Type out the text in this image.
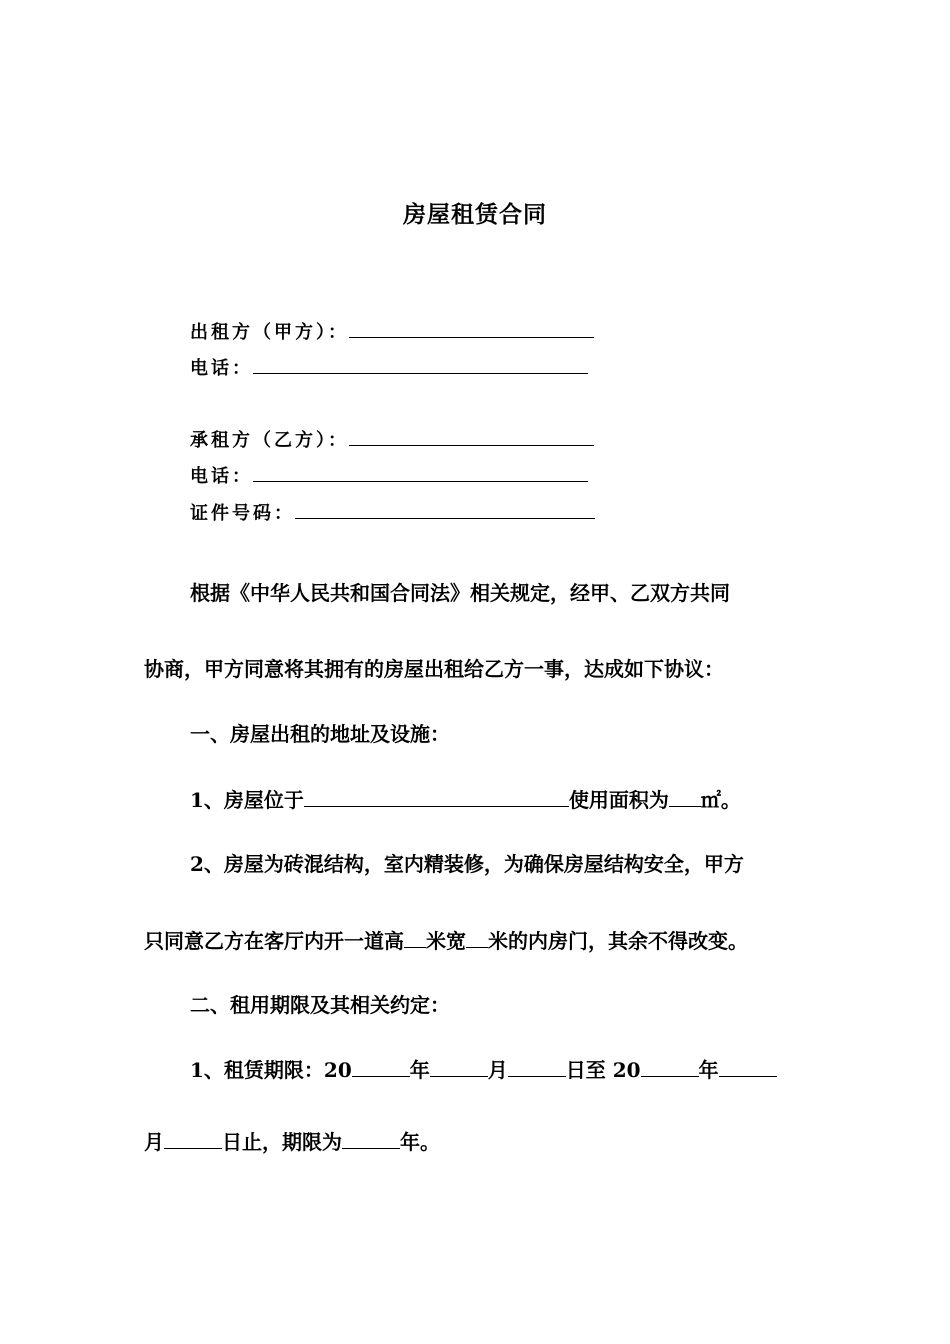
房屋租赁合同
出租方（甲方）：
电话：
承租方（乙方）：
电话：
证件号码：
根据《中华人民共和国合同法》相关规定，经甲、乙双方共同
协商，甲方同意将其拥有的房屋出租给乙方一事，达成如下协议：
一、房屋出租的地址及设施：
1、房屋位于	使用面积为 ㎡。
2、房屋为砖混结构，室内精装修，为确保房屋结构安全，甲方
只同意乙方在客厅内开一道高 米宽 米的内房门，其余不得改变。
二、租用期限及其相关约定：
1、租赁期限：20	年	月	日至 20	年
月	日止，期限为	年。
